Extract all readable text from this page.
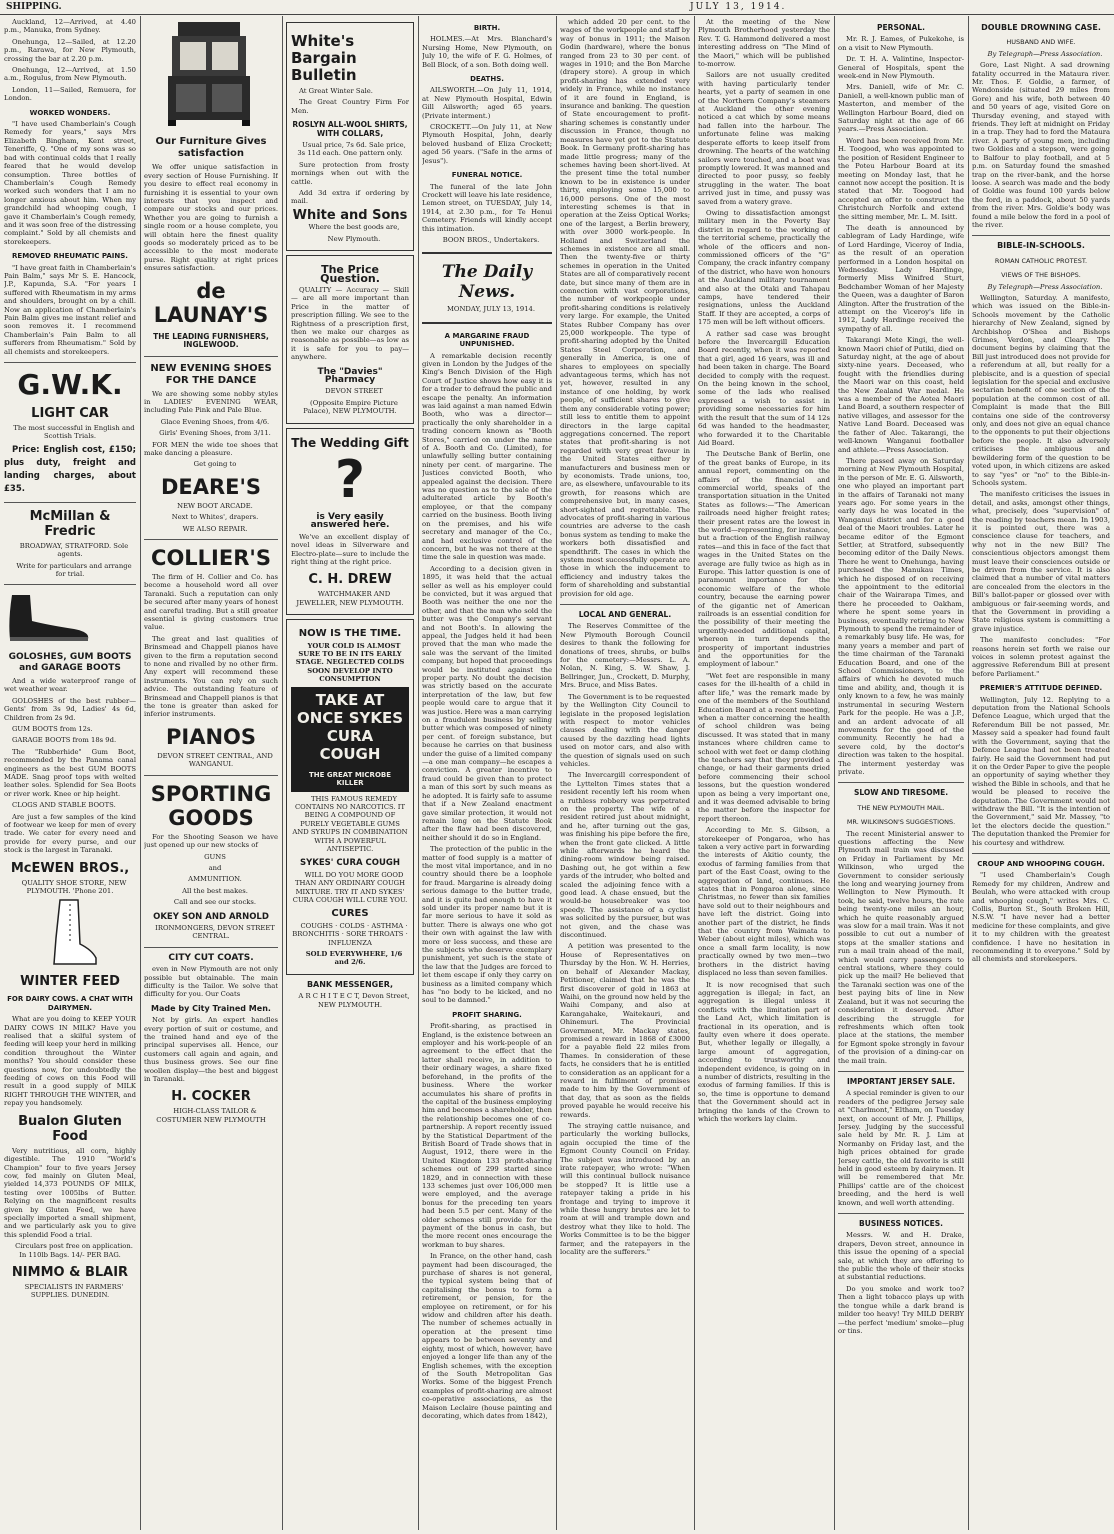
SHIPPING.	JULY 13, 1914.

Auckland, 12—Arrived, at 4.40 p.m., Manuka, from Sydney.

Onehunga, 12—Sailed, at 12.20 p.m., Rarawa, for New Plymouth, crossing the bar at 2.20 p.m.

Onehunga, 12—Arrived, at 1.50 a.m., Rogulus, from New Plymouth.

London, 11—Sailed, Remuera, for London.

WORKED WONDERS.

"I have used Chamberlain's Cough Remedy for years," says Mrs Elizabeth Bingham, Kent street, Teneriffe, Q. "One of my sons was so bad with continual colds that I really feared that he would develop consumption. Three bottles of Chamberlain's Cough Remedy worked such wonders that I am no longer anxious about him. When my grandchild had whooping cough, I gave it Chamberlain's Cough remedy, and it was soon free of the distressing complaint." Sold by all chemists and storekeepers.

REMOVED RHEUMATIC PAINS.

"I have great faith in Chamberlain's Pain Balm," says Mr S. E. Hancock, J.P., Kapunda, S.A. "For years I suffered with Rheumatism in my arms and shoulders, brought on by a chill. Now an application of Chamberlain's Pain Balm gives me instant relief and soon removes it. I recommend Chamberlain's Pain Balm to all sufferers from Rheumatism." Sold by all chemists and storekeepers.

G.W.K.
LIGHT CAR

The most successful in English and Scottish Trials.

Price: English cost, £150; plus duty, freight and landing charges, about £35.

McMillan & Fredric

BROADWAY, STRATFORD. Sole agents.

Write for particulars and arrange for trial.

GOLOSHES, GUM BOOTS and GARAGE BOOTS

And a wide waterproof range of wet weather wear.

GOLOSHES of the best rubber— Gents' from 3s 9d, Ladies' 4s 6d, Children from 2s 9d.

GUM BOOTS from 12s.

GARAGE BOOTS from 18s 9d.

The "Rubberhide" Gum Boot, recommended by the Panama canal engineers as the best GUM BOOTS MADE. Snag proof tops with welted leather soles. Splendid for Sea Boots or river work. Knee or hip height.

CLOGS AND STABLE BOOTS.

Are just a few samples of the kind of footwear we keep for men of every trade. We cater for every need and provide for every purse, and our stock is the largest in Taranaki.

McEWEN BROS.,

QUALITY SHOE STORE, NEW PLYMOUTH. 'Phone 201.

WINTER FEED
FOR DAIRY COWS. A CHAT WITH DAIRYMEN.

What are you doing to KEEP YOUR DAIRY COWS IN MILK? Have you realised that a skilful system of feeding will keep your herd in milking condition throughout the Winter months? You should consider these questions now, for undoubtedly the feeding of cows on this Food will result in a good supply of MILK RIGHT THROUGH THE WINTER, and repay you handsomely.

Bualon Gluten Food

Very nutritious, all corn, highly digestible. The 1910 "World's Champion" four to five years Jersey cow, fed mainly on Gluten Meal, yielded 14,373 POUNDS OF MILK, testing over 1005lbs of Butter. Relying on the magnificent results given by Gluten Feed, we have specially imported a small shipment, and we particularly ask you to give this splendid Food a trial.

Circulars post free on application. In 110lb Bags. 14/- PER BAG.

NIMMO & BLAIR

SPECIALISTS IN FARMERS' SUPPLIES. DUNEDIN.

Our Furniture Gives satisfaction

We offer unique satisfaction in every section of House Furnishing. If you desire to effect real economy in furnishing it is essential to your own interests that you inspect and compare our stocks and our prices. Whether you are going to furnish a single room or a house complete, you will obtain here the finest quality goods so moderately priced as to be accessible to the most moderate purse. Right quality at right prices ensures satisfaction.

de LAUNAY'S
THE LEADING FURNISHERS, INGLEWOOD.
NEW EVENING SHOES FOR THE DANCE

We are showing some nobby styles in LADIES' EVENING WEAR, including Pale Pink and Pale Blue.

Glace Evening Shoes, from 4/6.

Girls' Evening Shoes, from 3/11.

FOR MEN the wide toe shoes that make dancing a pleasure.

Get going to

DEARE'S

NEW BOOT ARCADE.

Next to Whites', drapers.

WE ALSO REPAIR.

COLLIER'S

The firm of H. Collier and Co. has become a household word all over Taranaki. Such a reputation can only be secured after many years of honest and careful trading. But a still greater essential is giving customers true value.

The great and last qualities of Brinsmead and Chappell pianos have given to the firm a reputation second to none and rivalled by no other firm. Any expert will recommend these instruments. You can rely on such advice. The outstanding feature of Brinsmead and Chappell pianos is that the tone is greater than asked for inferior instruments.

PIANOS

DEVON STREET CENTRAL, AND WANGANUI.

SPORTING GOODS

For the Shooting Season we have just opened up our new stocks of

GUNS

and

AMMUNITION.

All the best makes.

Call and see our stocks.

OKEY SON AND ARNOLD

IRONMONGERS, DEVON STREET CENTRAL.

CITY CUT COATS.

even in New Plymouth are not only possible but obtainable. The main difficulty is the Tailor. We solve that difficulty for you. Our Coats

Made by City Trained Men.

Not by girls. An expert handles every portion of suit or costume, and the trained hand and eye of the principal supervises all. Hence, our customers call again and again, and thus business grows. See our fine woollen display—the best and biggest in Taranaki.

H. COCKER

HIGH-CLASS TAILOR & COSTUMIER NEW PLYMOUTH

White's Bargain Bulletin

At Great Winter Sale.

The Great Country Firm For Men.

ROSLYN ALL-WOOL SHIRTS, WITH COLLARS,

Usual price, 7s 6d. Sale price, 3s 11d each. One pattern only.

Sure protection from frosty mornings when out with the cattle.

Add 3d extra if ordering by mail.

White and Sons

Where the best goods are,

New Plymouth.

The Price Question.

QUALITY — Accuracy — Skill — are all more important than Price in the matter of prescription filling. We see to the Rightness of a prescription first, then we make our charges as reasonable as possible—as low as it is safe for you to pay—anywhere.

The "Davies" Pharmacy

DEVON STREET

(Opposite Empire Picture Palace), NEW PLYMOUTH.

The Wedding Gift
?
is Very easily answered here.

We've an excellent display of novel ideas in Silverware and Electro-plate—sure to include the right thing at the right price.

C. H. DREW

WATCHMAKER AND JEWELLER, NEW PLYMOUTH.

NOW IS THE TIME.

YOUR COLD IS ALMOST SURE TO BE IN ITS EARLY STAGE. NEGLECTED COLDS SOON DEVELOP INTO CONSUMPTION

TAKE AT ONCE SYKES CURA COUGH
THE GREAT MICROBE KILLER

THIS FAMOUS REMEDY CONTAINS NO NARCOTICS. IT BEING A COMPOUND OF PURELY VEGETABLE GUMS AND SYRUPS IN COMBINATION WITH A POWERFUL ANTISEPTIC.

SYKES' CURA COUGH

WILL DO YOU MORE GOOD THAN ANY ORDINARY COUGH MIXTURE. TRY IT AND SYKES' CURA COUGH WILL CURE YOU.

CURES

COUGHS · COLDS · ASTHMA · BRONCHITIS · SORE THROATS · INFLUENZA

SOLD EVERYWHERE, 1/6 and 2/6.

BANK MESSENGER,

A R C H I T E C T, Devon Street, NEW PLYMOUTH.

BIRTH.

HOLMES.—At Mrs. Blanchard's Nursing Home, New Plymouth, on July 10, the wife of F. G. Holmes, of Bell Block, of a son. Both doing well.

DEATHS.

AILSWORTH.—On July 11, 1914, at New Plymouth Hospital, Edwin Gill Ailsworth; aged 65 years. (Private interment.)

CROCKETT.—On July 11, at New Plymouth Hospital, John, dearly beloved husband of Eliza Crockett; aged 56 years. ("Safe in the arms of Jesus").

FUNERAL NOTICE.

The funeral of the late John Crockett will leave his late residence, Lemon street, on TUESDAY, July 14, 1914, at 2.30 p.m., for Te Henui Cemetery. Friends will kindly accept this intimation.

BOON BROS., Undertakers.

The Daily News.

MONDAY, JULY 13, 1914.

A MARGARINE FRAUD UNPUNISHED.

A remarkable decision recently given in London by the Judges of the King's Bench Division of the High Court of Justice shows how easy it is for a trader to defraud the public and escape the penalty. An information was laid against a man named Edwin Booth, who was a director—practically the only shareholder in a trading concern known as "Booth Stores," carried on under the name of A. Booth and Co. (Limited), for unlawfully selling butter containing ninety per cent. of margarine. The Justices convicted Booth, who appealed against the decision. There was no question as to the sale of the adulterated article by Booth's employee, or that the company carried on the business. Booth living on the premises, and his wife secretary and manager of the Co., and had exclusive control of the concern, but he was not there at the time the sale in question was made.

According to a decision given in 1895, it was held that the actual seller as well as his employer could be convicted, but it was argued that Booth was neither the one nor the other, and that the man who sold the butter was the Company's servant and not Booth's. In allowing the appeal, the Judges held it had been proved that the man who made the sale was the servant of the limited company, but hoped that proceedings would be instituted against the proper party. No doubt the decision was strictly based on the accurate interpretation of the law, but few people would care to argue that it was justice. Here was a man carrying on a fraudulent business by selling butter which was composed of ninety per cent. of foreign substance, but because he carries on that business under the guise of a limited company—a one man company—he escapes a conviction. A greater incentive to fraud could be given than to protect a man of this sort by such means as he adopted. It is fairly safe to assume that if a New Zealand enactment gave similar protection, it would not remain long on the Statute Book after the flaw had been discovered, neither should it do so in England.

The protection of the public in the matter of food supply is a matter of the most vital importance, and in no country should there be a loophole for fraud. Margarine is already doing serious damage to the butter trade, and it is quite bad enough to have it sold under its proper name but it is far more serious to have it sold as butter. There is always one who got their own with against the law with more or less success, and these are the subjects who deserve exemplary punishment, yet such is the state of the law that the Judges are forced to let them escape if only they carry on business as a limited company which has "no body to be kicked, and no soul to be damned."

PROFIT SHARING.

Profit-sharing, as practised in England, is the existence between an employer and his work-people of an agreement to the effect that the latter shall receive, in addition to their ordinary wages, a share fixed beforehand, in the profits of the business. Where the worker accumulates his share of profits in the capital of the business employing him and becomes a shareholder, then the relationship becomes one of co-partnership. A report recently issued by the Statistical Department of the British Board of Trade shows that in August, 1912, there were in the United Kingdom 133 profit-sharing schemes out of 299 started since 1829, and in connection with these 133 schemes just over 106,000 men were employed, and the average bonus for the preceding ten years had been 5.5 per cent. Many of the older schemes still provide for the payment of the bonus in cash, but the more recent ones encourage the workman to buy shares.

In France, on the other hand, cash payment had been discouraged, the purchase of shares is not general, the typical system being that of capitalising the bonus to form a retirement, or pension, for the employee on retirement, or for his widow and children after his death. The number of schemes actually in operation at the present time appears to be between seventy and eighty, most of which, however, have enjoyed a longer life than any of the English schemes, with the exception of the South Metropolitan Gas Works. Some of the biggest French examples of profit-sharing are almost co-operative associations, as the Maison Leclaire (house painting and decorating, which dates from 1842),

which added 20 per cent. to the wages of the workpeople and staff by way of bonus in 1911; the Maison Godin (hardware), where the bonus ranged from 23 to 30 per cent. of wages in 1910; and the Bon Marche (drapery store). A group in which profit-sharing has extended very widely in France, while no instance of it are found in England, is insurance and banking. The question of State encouragement to profit-sharing schemes is constantly under discussion in France, though no measures have yet got to the Statute Book. In Germany profit-sharing has made little progress; many of the schemes having been short-lived. At the present time the total number known to be in existence is under thirty, employing some 15,000 to 16,000 persons. One of the most interesting schemes is that in operation at the Zeiss Optical Works; one of the largest, a Berlin brewery, with over 3000 work-people. In Holland and Switzerland the schemes in existence are all small. Then the twenty-five or thirty schemes in operation in the United States are all of comparatively recent date, but since many of them are in connection with vast corporations, the number of workpeople under profit-sharing conditions is relatively very large. For example, the United States Rubber Company has over 25,000 workpeople. The type of profit-sharing adopted by the United States Steel Corporation, and generally in America, is one of shares to employees on specially advantageous terms, which has not yet, however, resulted in any instance of one holding, by work people, of sufficient shares to give them any considerable voting power; still less to entitle them to appoint directors in the large capital aggregations concerned. The report states that profit-sharing is not regarded with very great favour in the United States either by manufacturers and business men or by economists. Trade unions, too, are, as elsewhere, unfavourable to its growth, for reasons which are comprehensive but, in many cases, short-sighted and regrettable. The advocates of profit-sharing in various countries are adverse to the cash bonus system as tending to make the workers both dissatisfied and spendthrift. The cases in which the system most successfully operate are those in which the inducement to efficiency and industry takes the form of shareholding and substantial provision for old age.

LOCAL AND GENERAL.

The Reserves Committee of the New Plymouth Borough Council desires to thank the following for donations of trees, shrubs, or bulbs for the cemetery:—Messrs. L. A. Nolan, N. King, S. W. Shaw, J. Bellringer, Jun., Crockett, D. Murphy, Mrs. Bruce, and Miss Bates.

The Government is to be requested by the Wellington City Council to legislate in the proposed legislation with respect to motor vehicles clauses dealing with the danger caused by the dazzling head lights used on motor cars, and also with the question of signals used on such vehicles.

The Invercargill correspondent of the Lyttelton Times states that a resident recently left his room when a ruthless robbery was perpetrated on the property. The wife of a resident retired just about midnight, and he, after turning out the gas, was finishing his pipe before the fire, when the front gate clicked. A little while afterwards he heard the dining-room window being raised. Dashing out, he got within a few yards of the intruder, who bolted and scaled the adjoining fence with a good lead. A chase ensued, but the would-be housebreaker was too speedy. The assistance of a cyclist was solicited by the pursuer, but was not given, and the chase was discontinued.

A petition was presented to the House of Representatives on Thursday by the Hon. W. H. Herries, on behalf of Alexander Mackay, Petitioner, claimed that he was the first discoverer of gold in 1863 at Waihi, on the ground now held by the Waihi Company, and also at Karangahake, Waitekauri, and Ohinemuri. The Provincial Government, Mr. Mackay states, promised a reward in 1868 of £3000 for a payable field 22 miles from Thames. In consideration of these facts, he considers that he is entitled to consideration as an applicant for a reward in fulfilment of promises made to him by the Government of that day, that as soon as the fields proved payable he would receive his rewards.

The straying cattle nuisance, and particularly the working bullocks, again occupied the time of the Egmont County Council on Friday. The subject was introduced by an irate ratepayer, who wrote: "When will this continual bullock nuisance be stopped? It is little use a ratepayer taking a pride in his frontage and trying to improve it while these hungry brutes are let to roam at will and trample down and destroy what they like to hold. The Works Committee is to be the bigger farmer, and the ratepayers in the locality are the sufferers."

At the meeting of the New Plymouth Brotherhood yesterday the Rev. T. G. Hammond delivered a most interesting address on "The Mind of the Maori," which will be published to-morrow.

Sailors are not usually credited with having particularly tender hearts, yet a party of seamen in one of the Northern Company's steamers at Auckland the other evening noticed a cat which by some means had fallen into the harbour. The unfortunate feline was making desperate efforts to keep itself from drowning. The hearts of the watching sailors were touched, and a boat was promptly lowered. It was manned and directed to poor pussy, so feebly struggling in the water. The boat arrived just in time, and pussy was saved from a watery grave.

Owing to dissatisfaction amongst military men in the Poverty Bay district in regard to the working of the territorial scheme, practically the whole of the officers and non-commissioned officers of the "G" Company, the crack infantry company of the district, who have won honours at the Auckland military tournament and also at the Otaki and Tahapau camps, have tendered their resignations, unless the Auckland Staff. If they are accepted, a corps of 175 men will be left without officers.

A rather sad case was brought before the Invercargill Education Board recently, when it was reported that a girl, aged 16 years, was ill and had been taken in charge. The Board decided to comply with the request. On the being known in the school, some of the lads who realised expressed a wish to assist in providing some necessaries for him with the result that the sum of 14 12s 6d was handed to the headmaster, who forwarded it to the Charitable Aid Board.

The Deutsche Bank of Berlin, one of the great banks of Europe, in its annual report, commenting on the affairs of the financial and commercial world, speaks of the transportation situation in the United States as follows:—"The American railroads need higher freight rates; their present rates are the lowest in the world—representing, for instance, but a fraction of the English railway rates—and this in face of the fact that wages in the United States on the average are fully twice as high as in Europe. This latter question is one of paramount importance for the economic welfare of the whole country, because the earning power of the gigantic net of American railroads is an essential condition for the possibility of their meeting the urgently-needed additional capital, whereon in turn depends the prosperity of important industries and the opportunities for the employment of labour."

"Wet feet are responsible in many cases for the ill-health of a child in after life," was the remark made by one of the members of the Southland Education Board at a recent meeting, when a matter concerning the health of school children was being discussed. It was stated that in many instances where children came to school with wet feet or damp clothing the teachers say that they provided a change, or had their garments dried before commencing their school lessons, but the question wondered upon as being a very important one, and it was deemed advisable to bring the matter before the inspector for report thereon.

According to Mr. S. Gibson, a storekeeper of Pongaroa, who has taken a very active part in forwarding the interests of Akitio county, the exodus of farming families from that part of the East Coast, owing to the aggregation of land, continues. He states that in Pongaroa alone, since Christmas, no fewer than six families have sold out to their neighbours and have left the district. Going into another part of the district, he finds that the country from Waimata to Weber (about eight miles), which was once a small farm locality, is now practically owned by two men—two brothers in the district having displaced no less than seven families.

It is now recognised that such aggregation is illegal; in fact, an aggregation is illegal unless it conflicts with the limitation part of the Land Act, which limitation is fractional in its operation, and is faulty even where it does operate. But, whether legally or illegally, a large amount of aggregation, according to trustworthy and independent evidence, is going on in a number of districts, resulting in the exodus of farming families. If this is so, the time is opportune to demand that the Government should act in bringing the lands of the Crown to which the workers lay claim.

PERSONAL.

Mr. R. J. Eames, of Pukekohe, is on a visit to New Plymouth.

Dr. T. H. A. Valintine, Inspector-General of Hospitals, spent the week-end in New Plymouth.

Mrs. Daniell, wife of Mr. C. Daniell, a well-known public man of Masterton, and member of the Wellington Harbour Board, died on Saturday night at the age of 66 years.—Press Association.

Word has been received from Mr. H. Toogood, who was appointed to the position of Resident Engineer to the Poteu Harbour Board at its meeting on Monday last, that he cannot now accept the position. It is stated that Mr. Toogood had accepted an offer to construct the Christchurch Norfolk and extend the sitting member, Mr. L. M. Isitt.

The death is announced by cablegram of Lady Hardinge, wife of Lord Hardinge, Viceroy of India, as the result of an operation performed in a London hospital on Wednesday. Lady Hardinge, formerly Miss Winifred Sturt, Bedchamber Woman of her Majesty the Queen, was a daughter of Baron Alington. After the frustration of the attempt on the Viceroy's life in 1912, Lady Hardinge received the sympathy of all.

Takarangi Mete Kingi, the well-known Maori chief of Putiki, died on Saturday night, at the age of about sixty-nine years. Deceased, who fought with the friendlies during the Maori war on this coast, held the New Zealand War medal. He was a member of the Aotea Maori Land Board, a southern respecter of native villages, and assessor for the Native Land Board. Deceased was the father of Alec. Takarangi, the well-known Wanganui footballer and athlete.—Press Association.

There passed away on Saturday morning at New Plymouth Hospital, in the person of Mr. E. G. Ailsworth, one who played an important part in the affairs of Taranaki not many years ago. For some years in the early days he was located in the Wanganui district and for a good deal of the Maori troubles. Later he became editor of the Egmont Settler, at Stratford, subsequently becoming editor of the Daily News. There he went to Onehunga, having purchased the Manukau Times, which he disposed of on receiving the appointment to the editorial chair of the Wairarapa Times, and there he proceeded to Oakham, where he spent some years in business, eventually retiring to New Plymouth to spend the remainder of a remarkably busy life. He was, for many years a member and part of the time chairman of the Taranaki Education Board, and one of the School Commissioners, to the affairs of which he devoted much time and ability, and, though it is only known to a few, he was mainly instrumental in securing Western Park for the people. He was a J.P., and an ardent advocate of all movements for the good of the community. Recently he had a severe cold, by the doctor's direction was taken to the hospital. The interment yesterday was private.

SLOW AND TIRESOME.
THE NEW PLYMOUTH MAIL.
MR. WILKINSON'S SUGGESTIONS.

The recent Ministerial answer to questions affecting the New Plymouth mail train was discussed on Friday in Parliament by Mr. Wilkinson, who urged the Government to consider seriously the long and wearying journey from Wellington to New Plymouth. It took, he said, twelve hours, the rate being twenty-one miles an hour, which he quite reasonably argued was slow for a mail train. Was it not possible to cut out a number of stops at the smaller stations and run a mail train ahead of the mail, which would carry passengers to central stations, where they could pick up the mail? He believed that the Taranaki section was one of the best paying bits of line in New Zealand, but it was not securing the consideration it deserved. After describing the struggle for refreshments which often took place at the stations, the member for Egmont spoke strongly in favour of the provision of a dining-car on the mail train.

IMPORTANT JERSEY SALE.

A special reminder is given to our readers of the pedigree Jersey sale at "Charlmont," Eltham, on Tuesday next, on account of Mr. J. Phillips, Jersey. Judging by the successful sale held by Mr. R. J. Lim at Normanby on Friday last, and the high prices obtained for grade Jersey cattle, the old favorite is still held in good esteem by dairymen. It will be remembered that Mr. Phillips' cattle are of the choicest breeding, and the herd is well known, and well worth attending.

BUSINESS NOTICES.

Messrs. W. and H. Drake, drapers, Devon street, announce in this issue the opening of a special sale, at which they are offering to the public the whole of their stocks at substantial reductions.

Do you smoke and work too? Then a light tobacco plays up with the tongue while a dark brand is milder too heavy! Try MILD DERBY—the perfect 'medium' smoke—plug or tins.

DOUBLE DROWNING CASE.
HUSBAND AND WIFE.

By Telegraph—Press Association.

Gore, Last Night. A sad drowning fatality occurred in the Mataura river. Mr. Thos. F. Goldie, a farmer, of Wendonside (situated 29 miles from Gore) and his wife, both between 40 and 50 years of age, visited Gore on Thursday evening, and stayed with friends. They left at midnight on Friday in a trap. They had to ford the Mataura river. A party of young men, including two Goldies and a stepson, were going to Balfour to play football, and at 5 p.m. on Saturday found the smashed trap on the river-bank, and the horse loose. A search was made and the body of Goldie was found 100 yards below the ford, in a paddock, about 50 yards from the river. Mrs. Goldie's body was found a mile below the ford in a pool of the river.

BIBLE-IN-SCHOOLS.
ROMAN CATHOLIC PROTEST.
VIEWS OF THE BISHOPS.

By Telegraph—Press Association.

Wellington, Saturday. A manifesto, which was issued on the Bible-in-Schools movement by the Catholic hierarchy of New Zealand, signed by Archbishop O'Shea and Bishops Grimes, Verdon, and Cleary. The document begins by claiming that the Bill just introduced does not provide for a referendum at all, but really for a plebiscite, and is a question of special legislation for the special and exclusive sectarian benefit of one section of the population at the common cost of all. Complaint is made that the Bill contains one side of the controversy only, and does not give an equal chance to the opponents to put their objections before the people. It also adversely criticises the ambiguous and bewildering form of the question to be voted upon, in which citizens are asked to say "yes" or "no" to the Bible-in-Schools system.

The manifesto criticises the issues in detail, and asks, amongst other things, what, precisely, does "supervision" of the reading by teachers mean. In 1903, it is pointed out, there was a conscience clause for teachers, and why not in the new Bill? The conscientious objectors amongst them must leave their consciences outside or be driven from the service. It is also claimed that a number of vital matters are concealed from the electors in the Bill's ballot-paper or glossed over with ambiguous or fair-seeming words, and that the Government in providing a State religious system is committing a grave injustice.

The manifesto concludes: "For reasons herein set forth we raise our voices in solemn protest against the aggressive Referendum Bill at present before Parliament."

PREMIER'S ATTITUDE DEFINED.

Wellington, July 12. Replying to a deputation from the National Schools Defence League, which urged that the Referendum Bill be not passed, Mr. Massey said a speaker had found fault with the Government, saying that the Defence League had not been treated fairly. He said the Government had put it on the Order Paper to give the people an opportunity of saying whether they wished the Bible in schools, and that he would be pleased to receive the deputation. The Government would not withdraw the Bill. "It is the intention of the Government," said Mr. Massey, "to let the electors decide the question." The deputation thanked the Premier for his courtesy and withdrew.

CROUP AND WHOOPING COUGH.

"I used Chamberlain's Cough Remedy for my children, Andrew and Beulah, who were attacked with croup and whooping cough," writes Mrs. C. Collis, Burton St., South Broken Hill, N.S.W. "I have never had a better medicine for these complaints, and give it to my children with the greatest confidence. I have no hesitation in recommending it to everyone." Sold by all chemists and storekeepers.
